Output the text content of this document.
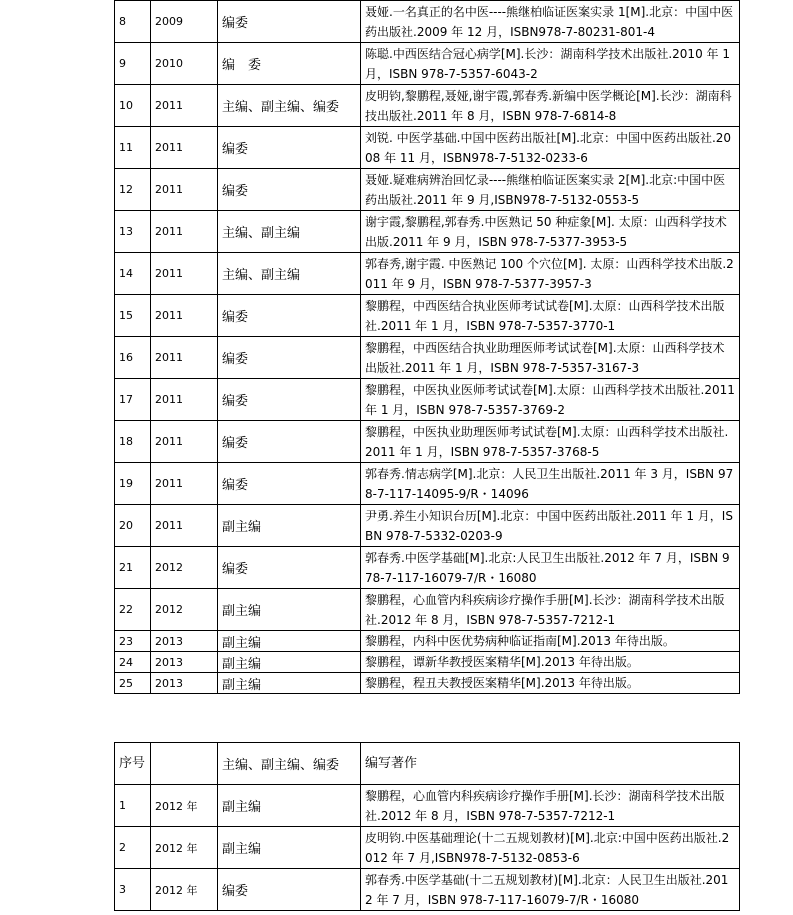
8	2009	编委	聂娅.一名真正的名中医----熊继柏临证医案实录 1[M].北京：中国中医药出版社.2009 年 12 月，ISBN978-7-80231-801-4
9	2010	编　委	陈聪.中西医结合冠心病学[M].长沙：湖南科学技术出版社.2010 年 1 月，ISBN 978-7-5357-6043-2
10	2011	主编、副主编、编委	皮明钧,黎鹏程,聂娅,谢宇霞,郭春秀.新编中医学概论[M].长沙：湖南科技出版社.2011 年 8 月，ISBN 978-7-6814-8
11	2011	编委	刘锐. 中医学基础.中国中医药出版社[M].北京：中国中医药出版社.2008 年 11 月，ISBN978-7-5132-0233-6
12	2011	编委	聂娅.疑难病辨治回忆录----熊继柏临证医案实录 2[M].北京:中国中医药出版社.2011 年 9 月,ISBN978-7-5132-0553-5
13	2011	主编、副主编	谢宇霞,黎鹏程,郭春秀.中医熟记 50 种症象[M]. 太原：山西科学技术出版.2011 年 9 月，ISBN 978-7-5377-3953-5
14	2011	主编、副主编	郭春秀,谢宇霞. 中医熟记 100 个穴位[M]. 太原：山西科学技术出版.2011 年 9 月，ISBN 978-7-5377-3957-3
15	2011	编委	黎鹏程，中西医结合执业医师考试试卷[M].太原：山西科学技术出版社.2011 年 1 月，ISBN 978-7-5357-3770-1
16	2011	编委	黎鹏程，中西医结合执业助理医师考试试卷[M].太原：山西科学技术出版社.2011 年 1 月，ISBN 978-7-5357-3167-3
17	2011	编委	黎鹏程，中医执业医师考试试卷[M].太原：山西科学技术出版社.2011 年 1 月，ISBN 978-7-5357-3769-2
18	2011	编委	黎鹏程，中医执业助理医师考试试卷[M].太原：山西科学技术出版社.2011 年 1 月，ISBN 978-7-5357-3768-5
19	2011	编委	郭春秀.情志病学[M].北京：人民卫生出版社.2011 年 3 月，ISBN 978-7-117-14095-9/R・14096
20	2011	副主编	尹勇.养生小知识台历[M].北京：中国中医药出版社.2011 年 1 月，ISBN 978-7-5332-0203-9
21	2012	编委	郭春秀.中医学基础[M].北京:人民卫生出版社.2012 年 7 月，ISBN 978-7-117-16079-7/R・16080
22	2012	副主编	黎鹏程，心血管内科疾病诊疗操作手册[M].长沙：湖南科学技术出版社.2012 年 8 月，ISBN 978-7-5357-7212-1
23	2013	副主编	黎鹏程，内科中医优势病种临证指南[M].2013 年待出版。
24	2013	副主编	黎鹏程，谭新华教授医案精华[M].2013 年待出版。
25	2013	副主编	黎鹏程，程丑夫教授医案精华[M].2013 年待出版。
序号		主编、副主编、编委	编写著作
1	2012 年	副主编	黎鹏程，心血管内科疾病诊疗操作手册[M].长沙：湖南科学技术出版社.2012 年 8 月，ISBN 978-7-5357-7212-1
2	2012 年	副主编	皮明钧.中医基础理论(十二五规划教材)[M].北京:中国中医药出版社.2012 年 7 月,ISBN978-7-5132-0853-6
3	2012 年	编委	郭春秀.中医学基础(十二五规划教材)[M].北京：人民卫生出版社.2012 年 7 月，ISBN 978-7-117-16079-7/R・16080
